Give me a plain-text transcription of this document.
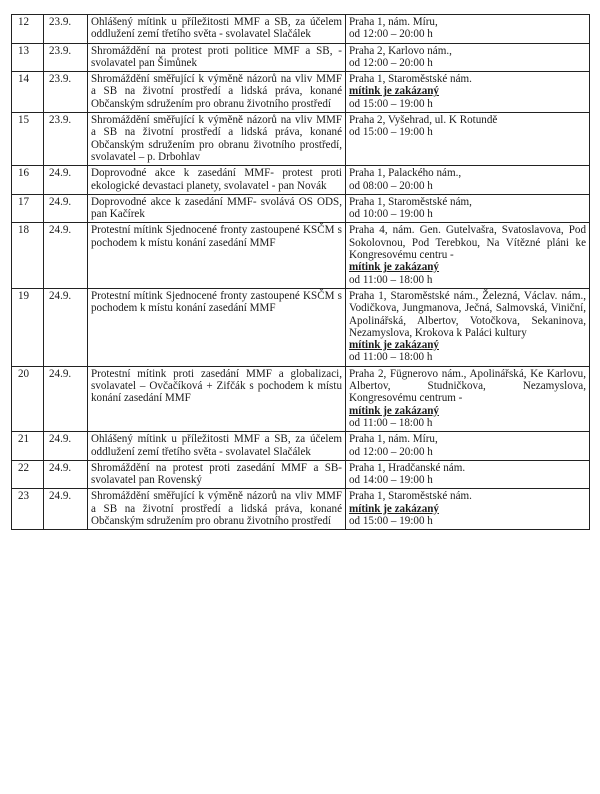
12	23.9.	Ohlášený mítink u příležitosti MMF a SB, za účelem oddlužení zemí třetího světa - svolavatel Slačálek	Praha 1, nám. Míru,
od 12:00 – 20:00 h

13	23.9.	Shromáždění na protest proti politice MMF a SB, - svolavatel pan Šimůnek	Praha 2, Karlovo nám.,
od 12:00 – 20:00 h

14	23.9.	Shromáždění směřující k výměně názorů na vliv MMF a SB na životní prostředí a lidská práva, konané Občanským sdružením pro obranu životního prostředí	Praha 1, Staroměstské nám.
mítink je zakázaný
od 15:00 – 19:00 h

15	23.9.	Shromáždění směřující k výměně názorů na vliv MMF a SB na životní prostředí a lidská práva, konané Občanským sdružením pro obranu životního prostředí, svolavatel – p. Drbohlav	Praha 2, Vyšehrad, ul. K Rotundě
od 15:00 – 19:00 h

16	24.9.	Doprovodné akce k zasedání MMF- protest proti ekologické devastaci planety, svolavatel - pan Novák	Praha 1, Palackého nám.,
od 08:00 – 20:00 h

17	24.9.	Doprovodné akce k zasedání MMF- svolává OS ODS, pan Kačírek	Praha 1, Staroměstské nám,
od 10:00 – 19:00 h

18	24.9.	Protestní mítink Sjednocené fronty zastoupené KSČM s pochodem k místu konání zasedání MMF	Praha 4, nám. Gen. Gutelvašra, Svatoslavova, Pod Sokolovnou, Pod Terebkou, Na Vítězné pláni ke Kongresovému centru -
mítink je zakázaný
od 11:00 – 18:00 h

19	24.9.	Protestní mítink Sjednocené fronty zastoupené KSČM s pochodem k místu konání zasedání MMF	Praha 1, Staroměstské nám., Železná, Václav. nám., Vodičkova, Jungmanova, Ječná, Salmovská, Viniční, Apolinářská, Albertov, Votočkova, Sekaninova, Nezamyslova, Krokova k Paláci kultury
mítink je zakázaný
od 11:00 – 18:00 h

20	24.9.	Protestní mítink proti zasedání MMF a globalizaci, svolavatel – Ovčačíková + Zifčák s pochodem k místu konání zasedání MMF	Praha 2, Fügnerovo nám., Apolinářská, Ke Karlovu, Albertov, Studničkova, Nezamyslova, Kongresovému centrum -
mítink je zakázaný
od 11:00 – 18:00 h

21	24.9.	Ohlášený mítink u příležitosti MMF a SB, za účelem oddlužení zemí třetího světa - svolavatel Slačálek	Praha 1, nám. Míru,
od 12:00 – 20:00 h

22	24.9.	Shromáždění na protest proti zasedání MMF a SB-svolavatel pan Rovenský	Praha 1, Hradčanské nám.
od 14:00 – 19:00 h

23	24.9.	Shromáždění směřující k výměně názorů na vliv MMF a SB na životní prostředí a lidská práva, konané Občanským sdružením pro obranu životního prostředí	Praha 1, Staroměstské nám.
mítink je zakázaný
od 15:00 – 19:00 h
